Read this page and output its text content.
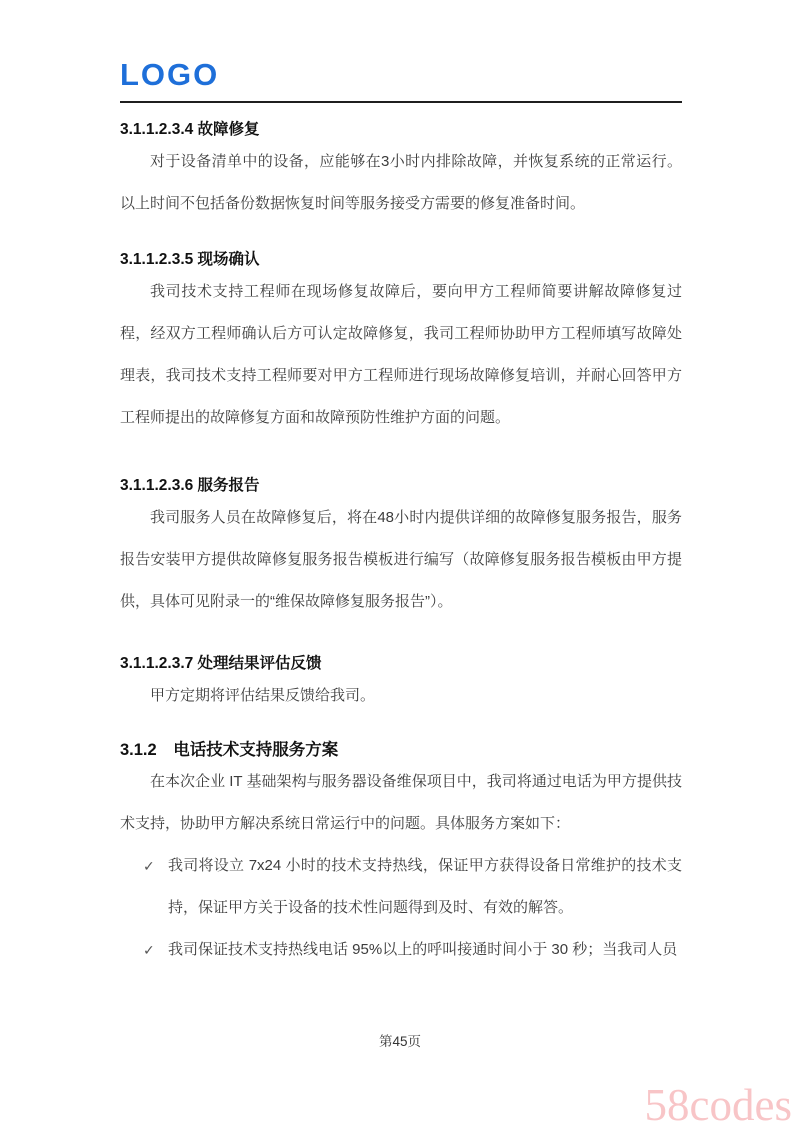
LOGO
3.1.1.2.3.4 故障修复

对于设备清单中的设备，应能够在3小时内排除故障，并恢复系统的正常运行。以上时间不包括备份数据恢复时间等服务接受方需要的修复准备时间。

3.1.1.2.3.5 现场确认

我司技术支持工程师在现场修复故障后，要向甲方工程师简要讲解故障修复过程，经双方工程师确认后方可认定故障修复，我司工程师协助甲方工程师填写故障处理表，我司技术支持工程师要对甲方工程师进行现场故障修复培训，并耐心回答甲方工程师提出的故障修复方面和故障预防性维护方面的问题。

3.1.1.2.3.6 服务报告

我司服务人员在故障修复后，将在48小时内提供详细的故障修复服务报告，服务报告安装甲方提供故障修复服务报告模板进行编写（故障修复服务报告模板由甲方提供，具体可见附录一的“维保故障修复服务报告”）。

3.1.1.2.3.7 处理结果评估反馈

甲方定期将评估结果反馈给我司。

3.1.2　电话技术支持服务方案

在本次企业 IT 基础架构与服务器设备维保项目中，我司将通过电话为甲方提供技术支持，协助甲方解决系统日常运行中的问题。具体服务方案如下：

✓ 我司将设立 7x24 小时的技术支持热线，保证甲方获得设备日常维护的技术支持，保证甲方关于设备的技术性问题得到及时、有效的解答。
✓ 我司保证技术支持热线电话 95%以上的呼叫接通时间小于 30 秒；当我司人员
第45页
58codes
